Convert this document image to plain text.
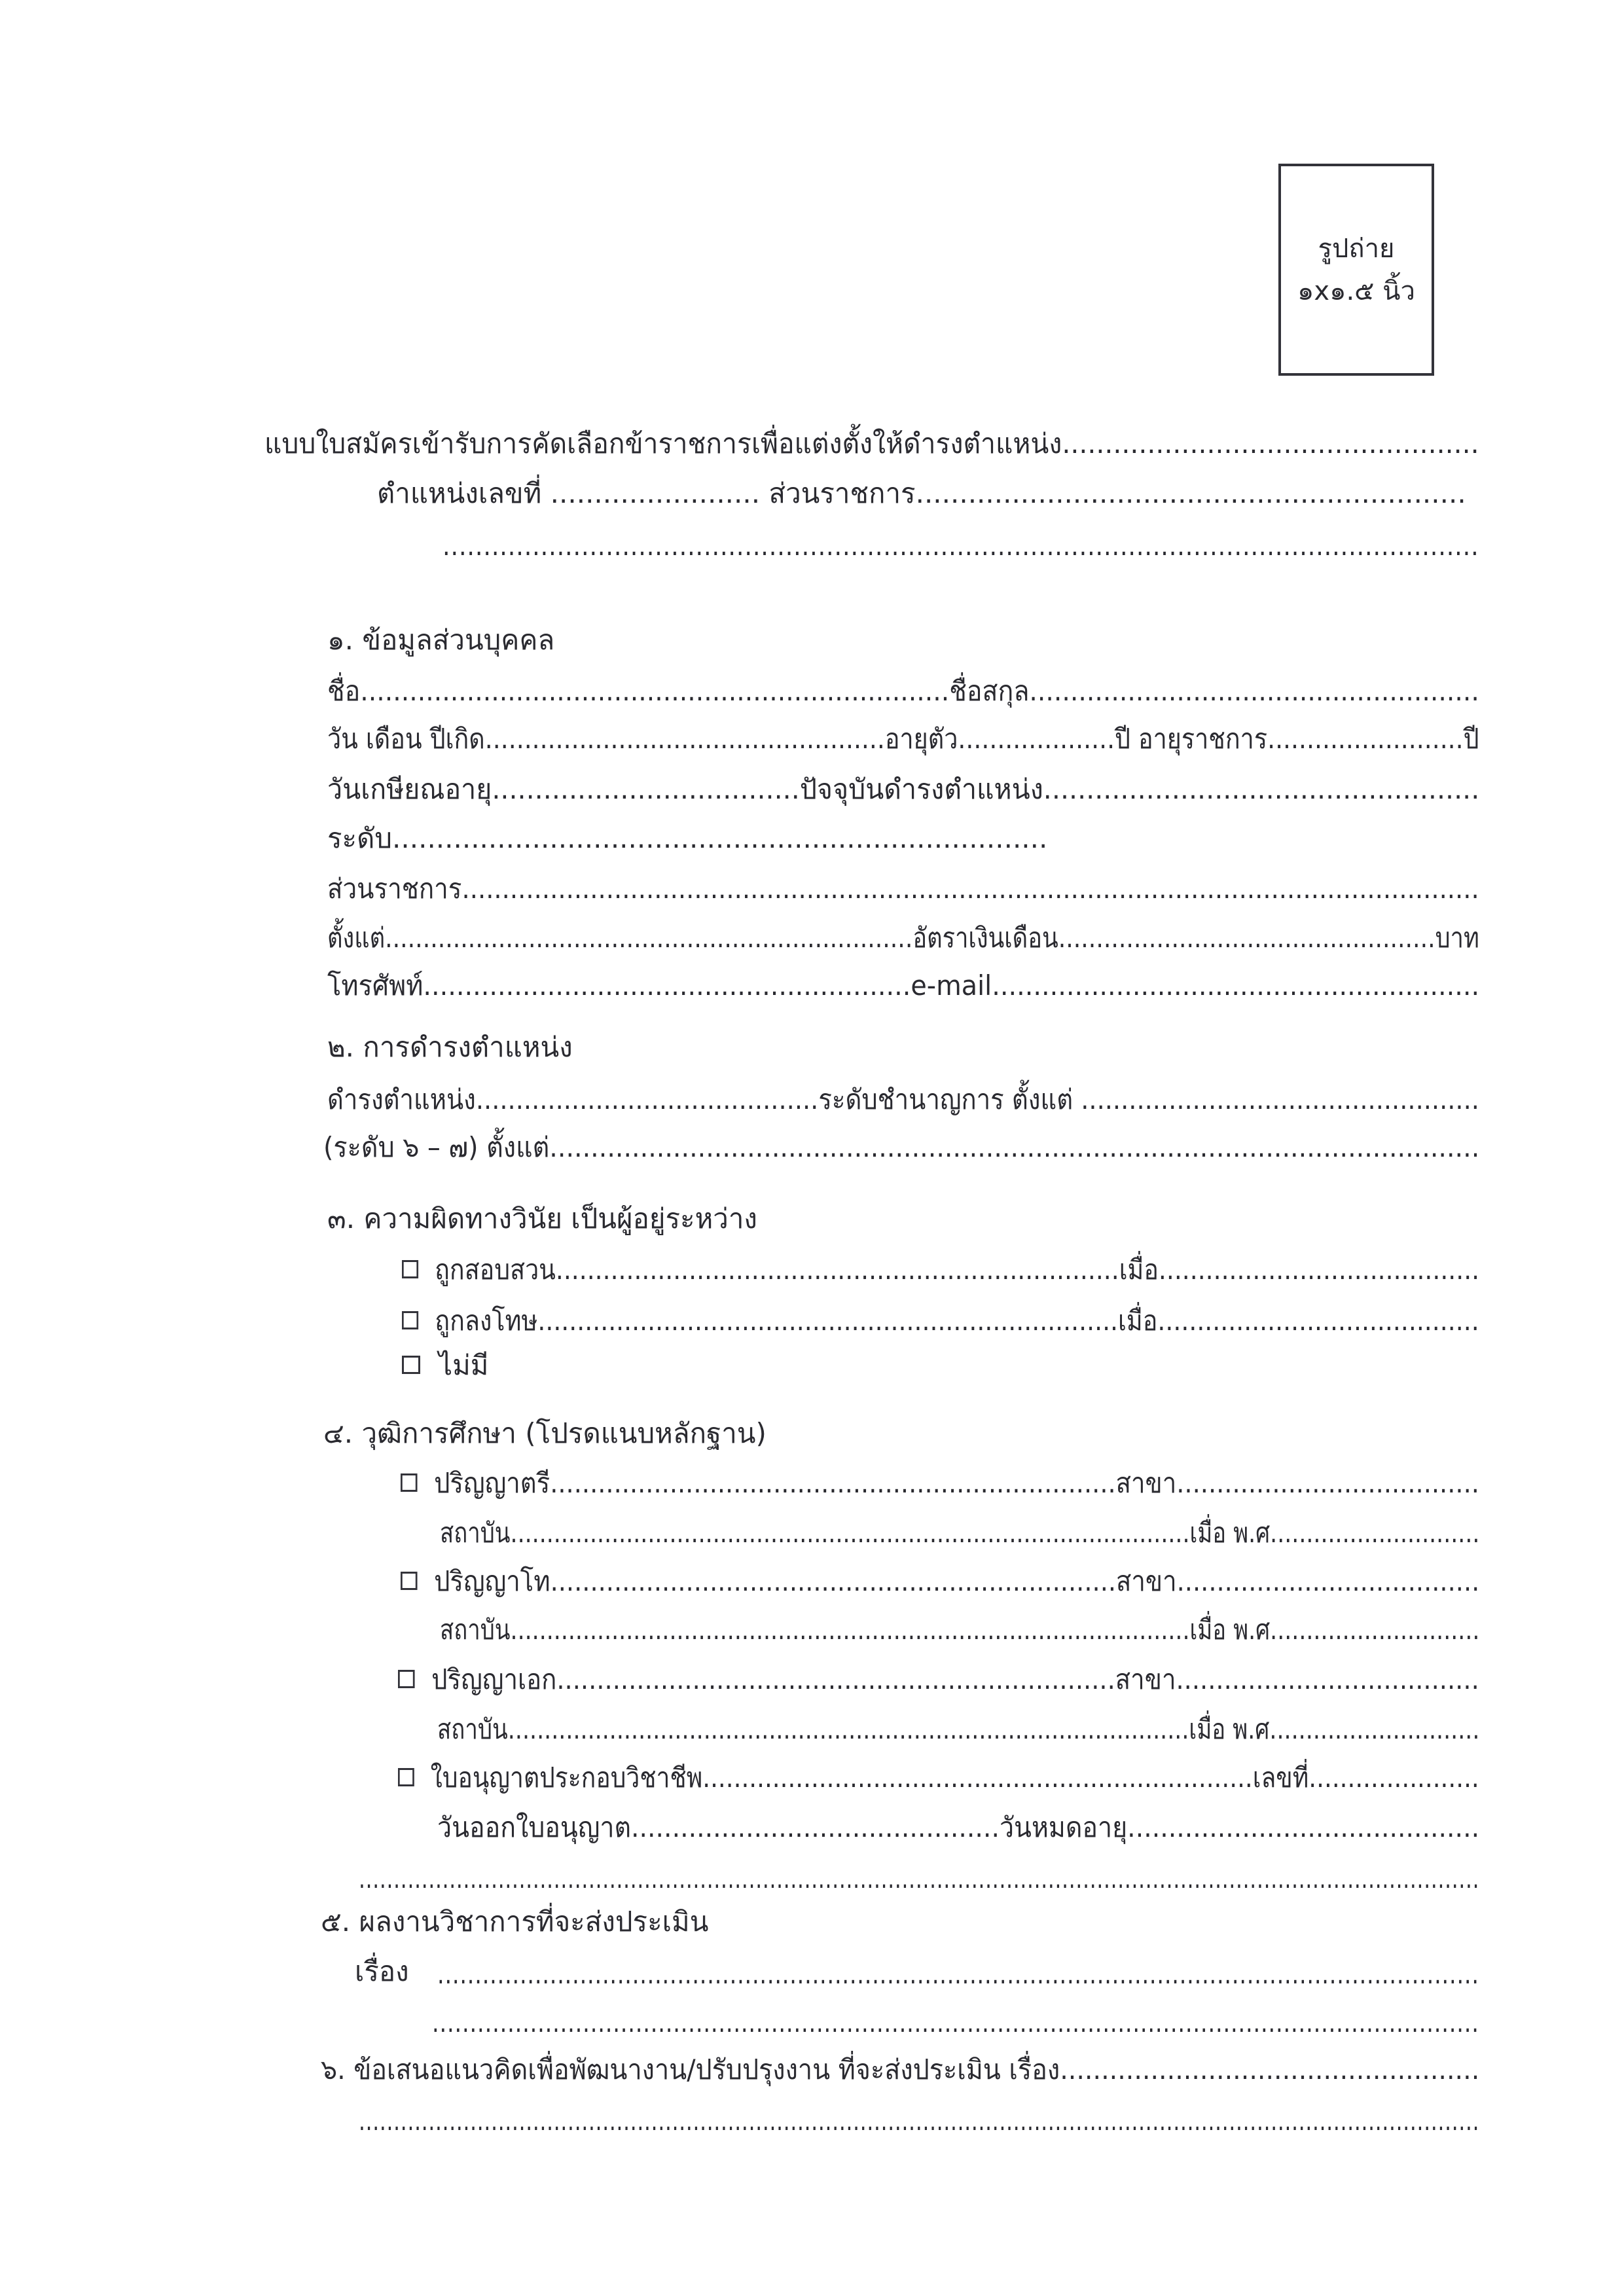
รูปถ่าย
๑x๑.๕ นิ้ว
แบบใบสมัครเข้ารับการคัดเลือกข้าราชการเพื่อแต่งตั้งให้ดำรงตำแหน่ง.................................................
ตำแหน่งเลขที่ ........................ ส่วนราชการ...............................................................
...............................................................................................................................
๑. ข้อมูลส่วนบุคคล
ชื่อ........................................................................ชื่อสกุล.......................................................
วัน เดือน ปีเกิด...................................................อายุตัว....................ปี อายุราชการ.........................ปี
วันเกษียณอายุ....................................ปัจจุบันดำรงตำแหน่ง...................................................
ระดับ...........................................................................
ส่วนราชการ...............................................................................................................................
ตั้งแต่......................................................................อัตราเงินเดือน..................................................บาท
โทรศัพท์...........................................................e-mail...........................................................
๒. การดำรงตำแหน่ง
ดำรงตำแหน่ง...........................................ระดับชำนาญการ ตั้งแต่ ..................................................
(ระดับ ๖ – ๗) ตั้งแต่.................................................................................................................
๓. ความผิดทางวินัย เป็นผู้อยู่ระหว่าง
ถูกสอบสวน........................................................................เมื่อ.........................................
ถูกลงโทษ..........................................................................เมื่อ.........................................
ไม่มี
๔. วุฒิการศึกษา (โปรดแนบหลักฐาน)
ปริญญาตรี.......................................................................สาขา......................................
สถาบัน..............................................................................................เมื่อ พ.ศ.............................
ปริญญาโท.......................................................................สาขา......................................
สถาบัน..............................................................................................เมื่อ พ.ศ.............................
ปริญญาเอก......................................................................สาขา......................................
สถาบัน..............................................................................................เมื่อ พ.ศ.............................
ใบอนุญาตประกอบวิชาชีพ.......................................................................เลขที่......................
วันออกใบอนุญาต.............................................วันหมดอายุ...........................................
.................................................................................................................................................................
๕. ผลงานวิชาการที่จะส่งประเมิน
เรื่อง ...........................................................................................................................................
...........................................................................................................................................
๖. ข้อเสนอแนวคิดเพื่อพัฒนางาน/ปรับปรุงงาน ที่จะส่งประเมิน เรื่อง...................................................
.................................................................................................................................................................
